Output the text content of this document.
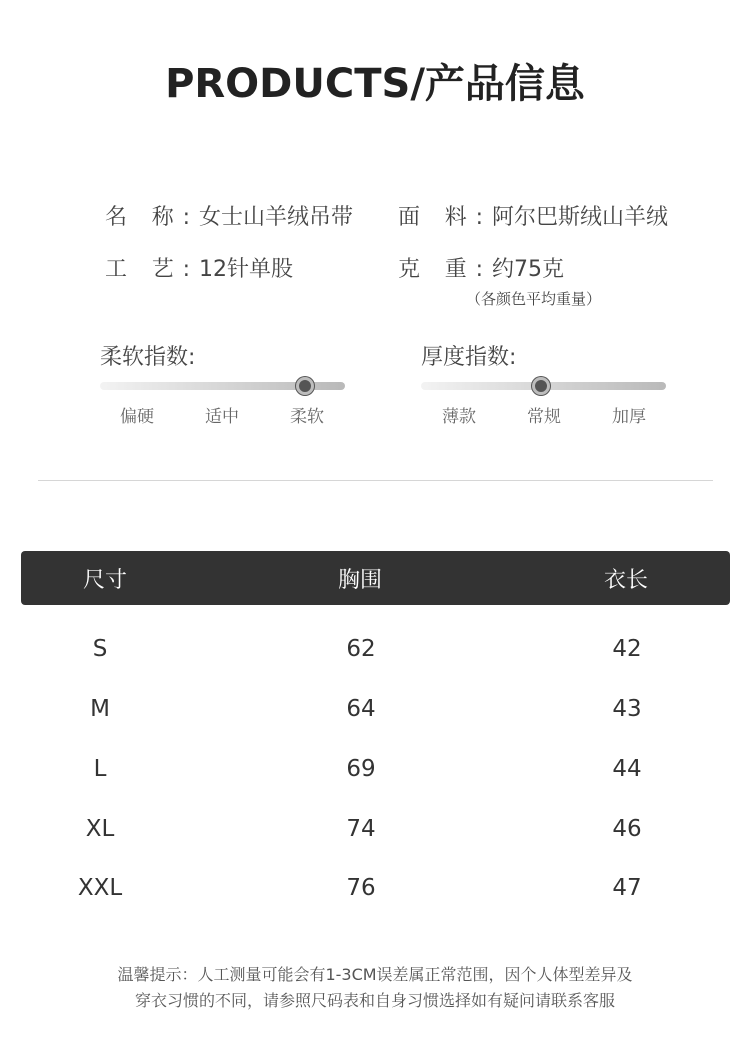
PRODUCTS/产品信息
名 称: 女士山羊绒吊带 面 料: 阿尔巴斯绒山羊绒
工 艺: 12针单股	克 重: 约75克
（各颜色平均重量）
柔软指数:
偏硬	适中	柔软
厚度指数:
薄款	常规	加厚
尺寸	胸围	衣长
S	62	42
M	64	43
L	69	44
XL	74	46
XXL	76	47
温馨提示：人工测量可能会有1-3CM误差属正常范围，因个人体型差异及
穿衣习惯的不同，请参照尺码表和自身习惯选择如有疑问请联系客服
